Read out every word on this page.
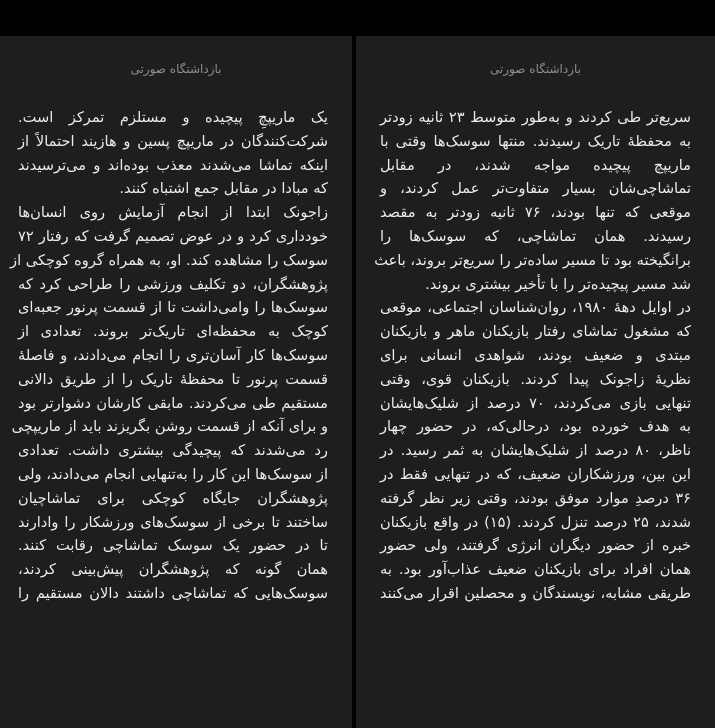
بازداشتگاه صورتی
یک ماریپچِ پیچیده و مستلزم تمرکز است.
شرکت‌کنندگان در ماریپچ پسین و هازیند احتمالاً از
اینکه تماشا می‌شدند معذب بوده‌اند و می‌ترسیدند
که مبادا در مقابل جمع اشتباه کنند.
زاجونک ابتدا از انجام آزمایش روی انسان‌ها
خودداری کرد و در عوض تصمیم گرفت که رفتار ۷۲
سوسک را مشاهده کند. او، به همراه گروه کوچکی از
پژوهشگران، دو تکلیف ورزشی را طراحی کرد که
سوسک‌ها را وامی‌داشت تا از قسمت پرنور جعبه‌ای
کوچک به محفظه‌ای تاریک‌تر بروند. تعدادی از
سوسک‌ها کار آسان‌تری را انجام می‌دادند، و فاصلهٔ
قسمت پرنور تا محفظهٔ تاریک را از طریق دالانی
مستقیم طی می‌کردند. مابقی کارشان دشوارتر بود
و برای آنکه از قسمت روشن بگریزند باید از ماریپچی
رد می‌شدند که پیچیدگی بیشتری داشت. تعدادی
از سوسک‌ها این کار را به‌تنهایی انجام می‌دادند، ولی
پژوهشگران جایگاه کوچکی برای تماشاچیان
ساختند تا برخی از سوسک‌های ورزشکار را وادارند
تا در حضور یک سوسک تماشاچی رقابت کنند.
همان گونه که پژوهشگران پیش‌بینی کردند،
سوسک‌هایی که تماشاچی داشتند دالان مستقیم را
بازداشتگاه صورتی
سریع‌تر طی کردند و به‌طور متوسط ۲۳ ثانیه زودتر
به محفظهٔ تاریک رسیدند. منتها سوسک‌ها وقتی با
ماریپچ پیچیده مواجه شدند، در مقابل
تماشاچی‌شان بسیار متفاوت‌تر عمل کردند، و
موقعی که تنها بودند، ۷۶ ثانیه زودتر به مقصد
رسیدند. همان تماشاچی، که سوسک‌ها را
برانگیخته بود تا مسیر ساده‌تر را سریع‌تر بروند، باعث
شد مسیر پیچیده‌تر را با تأخیر بیشتری بروند.
در اوایل دههٔ ۱۹۸۰، روان‌شناسان اجتماعی، موقعی
که مشغول تماشای رفتار بازیکنان ماهر و بازیکنان
مبتدی و ضعیف بودند، شواهدی انسانی برای
نظریهٔ زاجونک پیدا کردند. بازیکنان قوی، وقتی
تنهایی بازی می‌کردند، ۷۰ درصد از شلیک‌هایشان
به هدف خورده بود، درحالی‌که، در حضور چهار
ناظر، ۸۰ درصد از شلیک‌هایشان به ثمر رسید. در
این بین، ورزشکاران ضعیف، که در تنهایی فقط در
۳۶ درصدِ موارد موفق بودند، وقتی زیر نظر گرفته
شدند، ۲۵ درصد تنزل کردند. (۱۵) در واقع بازیکنان
خبره از حضور دیگران انرژی گرفتند، ولی حضور
همان افراد برای بازیکنان ضعیف عذاب‌آور بود. به
طریقی مشابه، نویسندگان و محصلین اقرار می‌کنند
